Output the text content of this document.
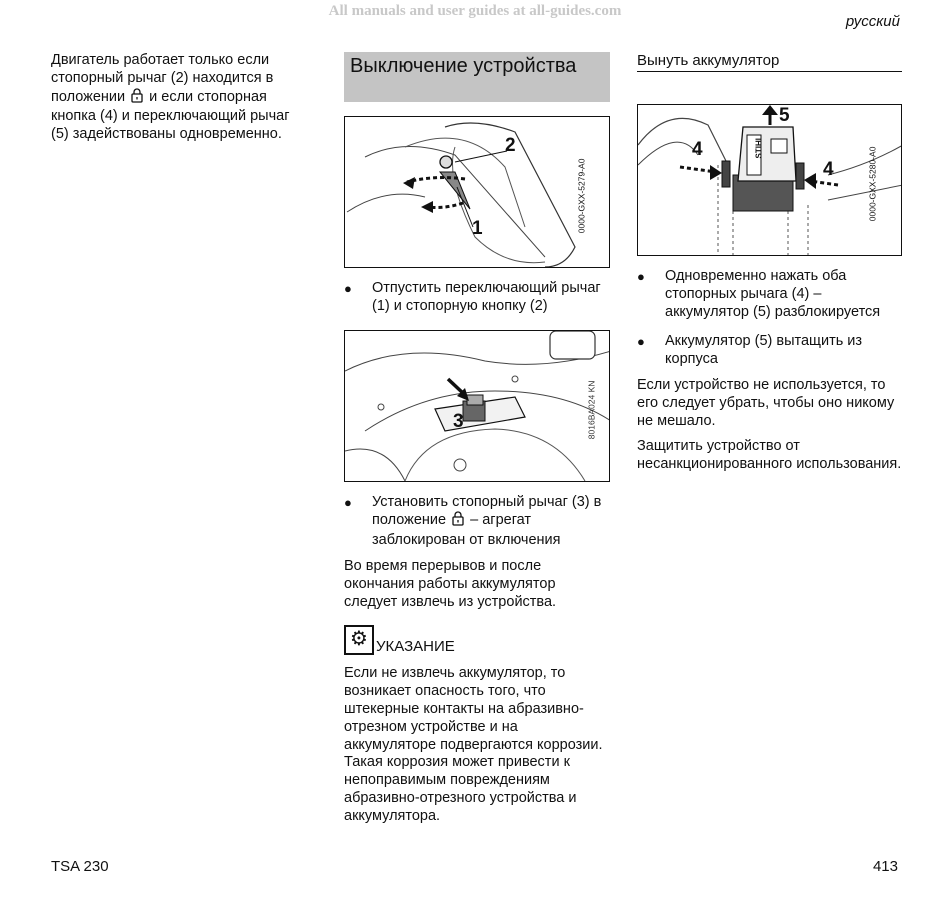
All manuals and user guides at all-guides.com
русский

Двигатель работает только если стопорный рычаг (2) находится в положении и если стопорная кнопка (4) и переключающий рычаг (5) задействованы одновременно.

Выключение устройства
2
1	0000-GXX-5279-A0
● Отпустить переключающий рычаг (1) и стопорную кнопку (2)
3	8016BA024 KN
● Установить стопорный рычаг (3) в положение – агрегат заблокирован от включения

Во время перерывов и после окончания работы аккумулятор следует извлечь из устройства.

⚙ УКАЗАНИЕ

Если не извлечь аккумулятор, то возникает опасность того, что штекерные контакты на абразивно-отрезном устройстве и на аккумуляторе подвергаются коррозии. Такая коррозия может привести к непоправимым повреждениям абразивно-отрезного устройства и аккумулятора.

Вынуть аккумулятор
STIHL
4
4
5
0000-GXX-5280-A0
● Одновременно нажать оба стопорных рычага (4) – аккумулятор (5) разблокируется
● Аккумулятор (5) вытащить из корпуса

Если устройство не используется, то его следует убрать, чтобы оно никому не мешало.

Защитить устройство от несанкционированного использования.

TSA 230	413
